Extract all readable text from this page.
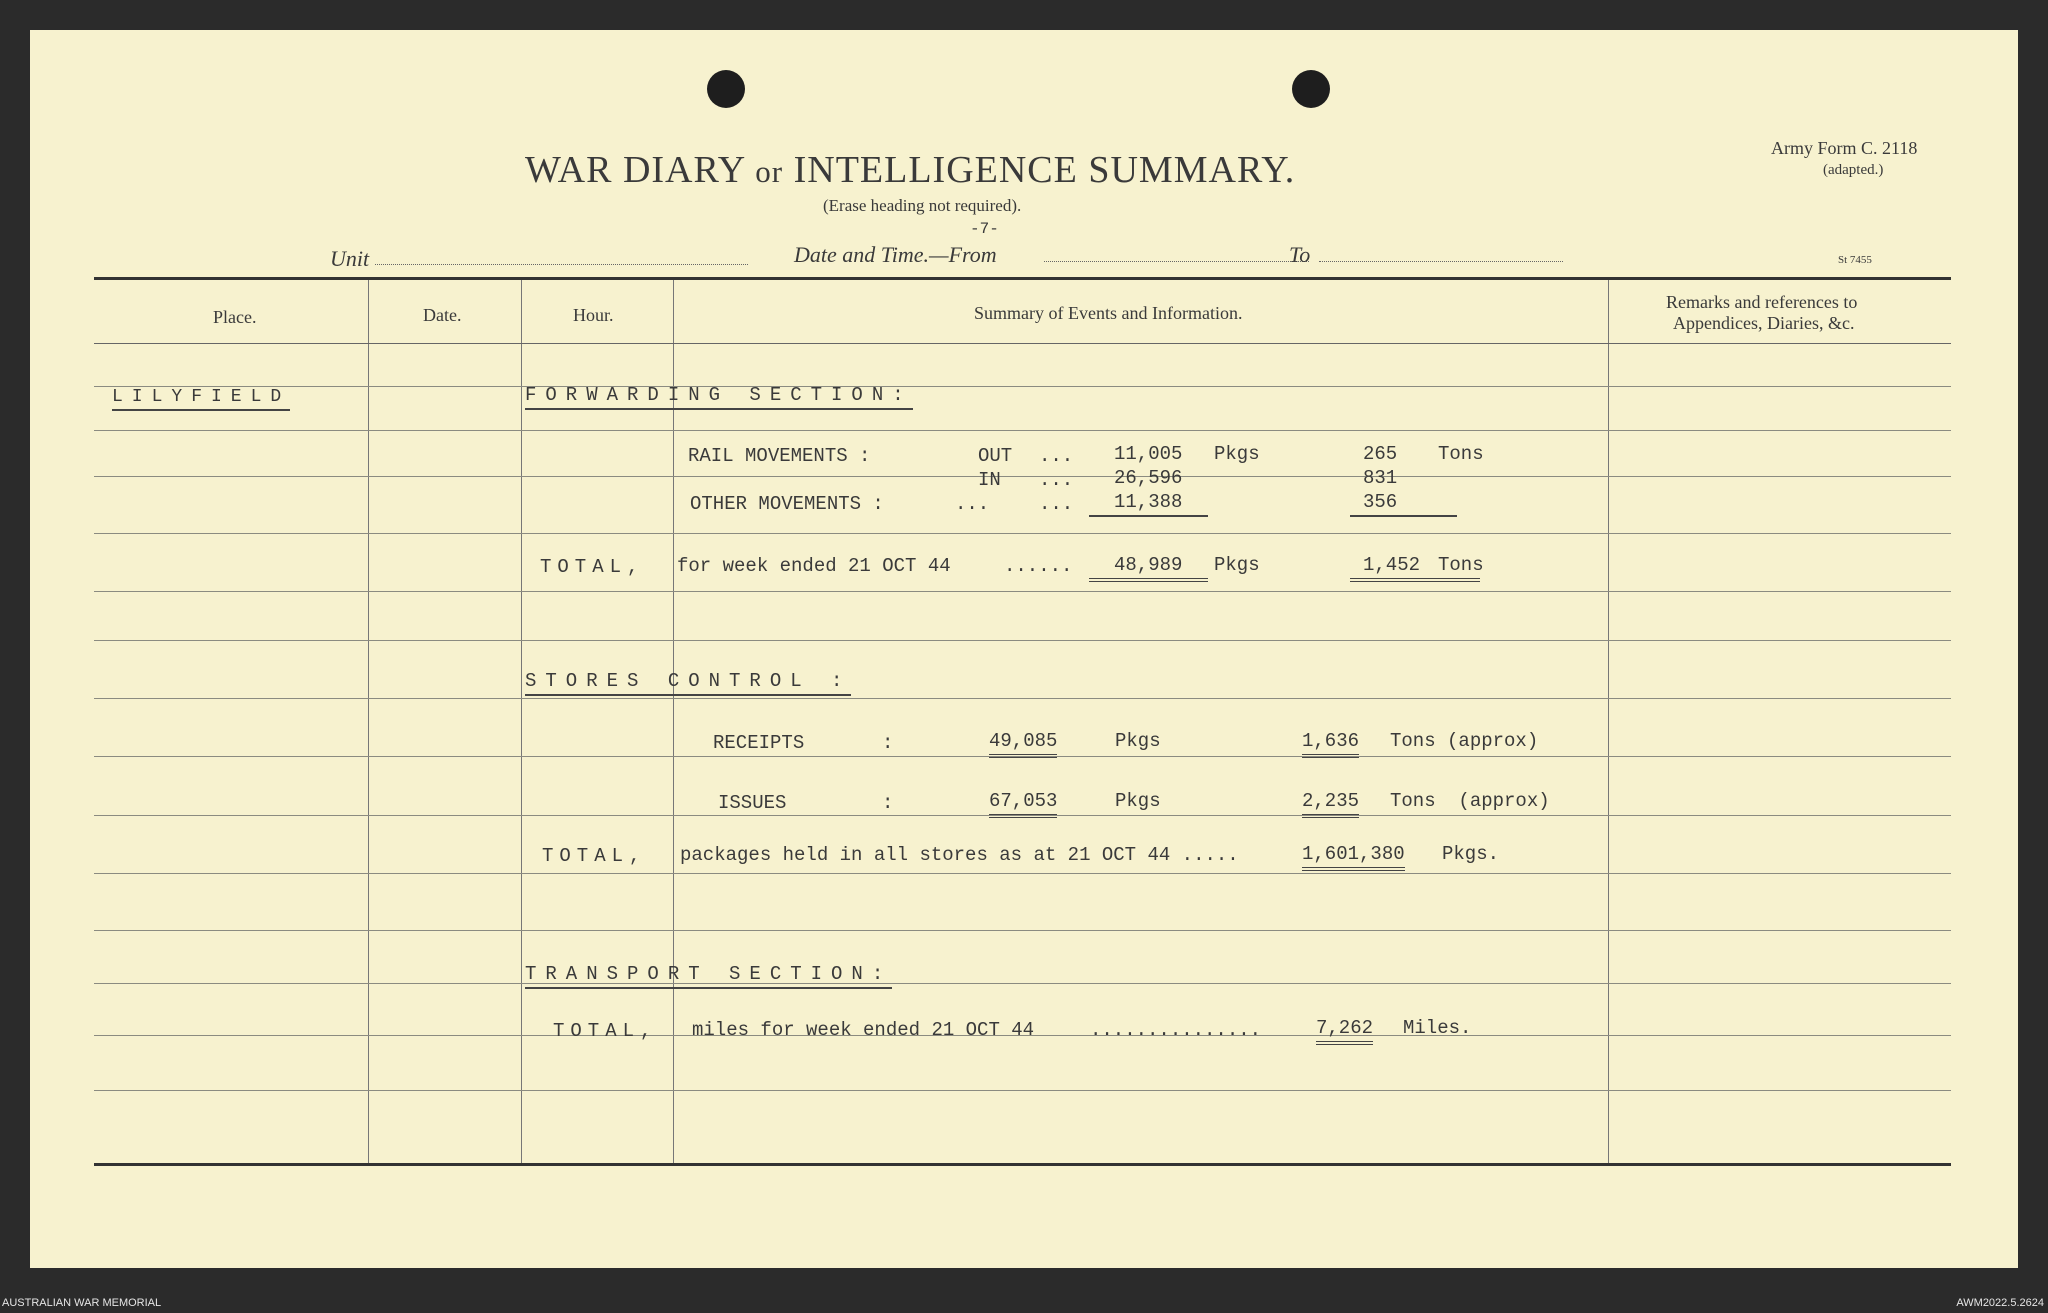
WAR DIARY or INTELLIGENCE SUMMARY.
(Erase heading not required).
-7-
Army Form C. 2118
(adapted.)
St 7455
Unit	Date and Time.—From	To
Place.	Date.	Hour.	Summary of Events and Information.
Remarks and references to
Appendices, Diaries, &c.
LILYFIELD	FORWARDING SECTION:
RAIL MOVEMENTS :	OUT ... 11,005 Pkgs	265 Tons
IN ... 26,596	831
OTHER MOVEMENTS :	...	...	11,388	356
TOTAL, for week ended 21 OCT 44	......	48,989	Pkgs	1,452 Tons
STORES CONTROL :
RECEIPTS	:	49,085	Pkgs	1,636 Tons (approx)
ISSUES	:	67,053	Pkgs	2,235 Tons  (approx)
TOTAL, packages held in all stores as at 21 OCT 44 .....	1,601,380 Pkgs.
TRANSPORT SECTION:
TOTAL, miles for week ended 21 OCT 44	...............	7,262 Miles.
AUSTRALIAN WAR MEMORIAL	AWM2022.5.2624
